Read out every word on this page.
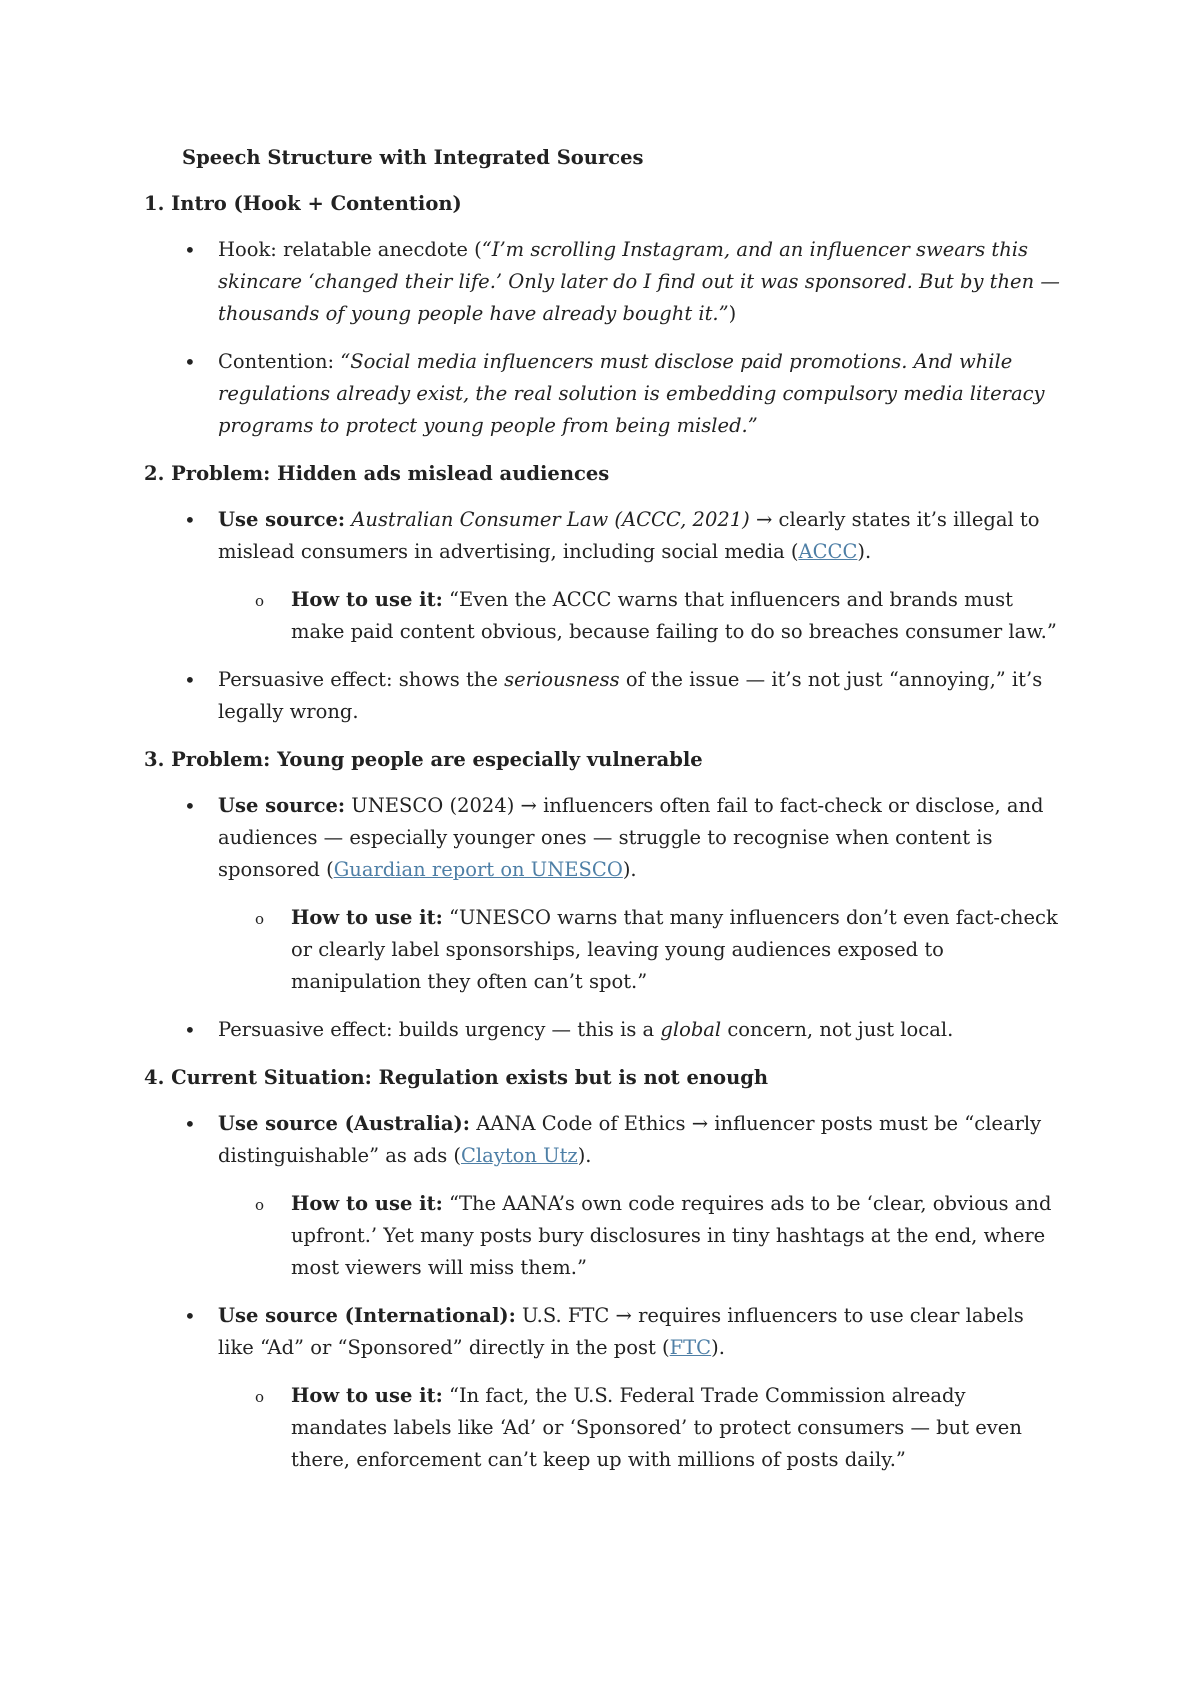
Speech Structure with Integrated Sources
1. Intro (Hook + Contention)
• Hook: relatable anecdote (“I’m scrolling Instagram, and an influencer swears this skincare ‘changed their life.’ Only later do I find out it was sponsored. But by then — thousands of young people have already bought it.”)
• Contention: “Social media influencers must disclose paid promotions. And while regulations already exist, the real solution is embedding compulsory media literacy programs to protect young people from being misled.”
2. Problem: Hidden ads mislead audiences
• Use source: Australian Consumer Law (ACCC, 2021) → clearly states it’s illegal to mislead consumers in advertising, including social media (ACCC).
o How to use it: “Even the ACCC warns that influencers and brands must make paid content obvious, because failing to do so breaches consumer law.”
• Persuasive effect: shows the seriousness of the issue — it’s not just “annoying,” it’s legally wrong.
3. Problem: Young people are especially vulnerable
• Use source: UNESCO (2024) → influencers often fail to fact-check or disclose, and audiences — especially younger ones — struggle to recognise when content is sponsored (Guardian report on UNESCO).
o How to use it: “UNESCO warns that many influencers don’t even fact-check or clearly label sponsorships, leaving young audiences exposed to manipulation they often can’t spot.”
• Persuasive effect: builds urgency — this is a global concern, not just local.
4. Current Situation: Regulation exists but is not enough
• Use source (Australia): AANA Code of Ethics → influencer posts must be “clearly distinguishable” as ads (Clayton Utz).
o How to use it: “The AANA’s own code requires ads to be ‘clear, obvious and upfront.’ Yet many posts bury disclosures in tiny hashtags at the end, where most viewers will miss them.”
• Use source (International): U.S. FTC → requires influencers to use clear labels like “Ad” or “Sponsored” directly in the post (FTC).
o How to use it: “In fact, the U.S. Federal Trade Commission already mandates labels like ‘Ad’ or ‘Sponsored’ to protect consumers — but even there, enforcement can’t keep up with millions of posts daily.”
